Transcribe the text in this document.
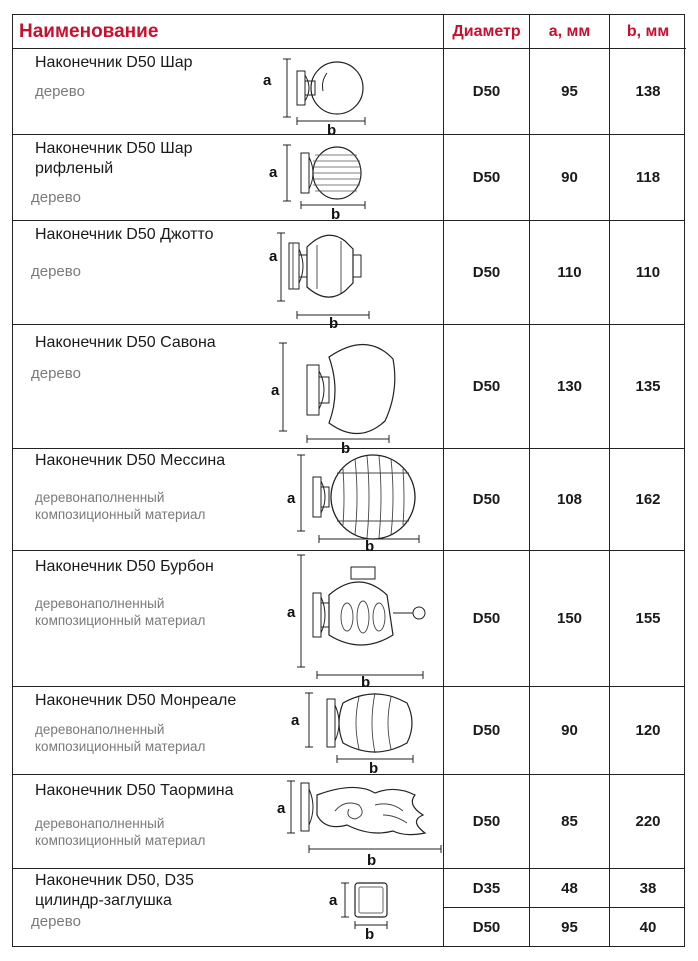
Наименование	Диаметр	а, мм	b, мм
Наконечник D50 Шар
дерево
а
b
D50	95	138
Наконечник D50 Шар рифленый
дерево
а
b
D50	90	118
Наконечник D50 Джотто
дерево
а
b
D50	110	110
Наконечник D50 Савона
дерево
а
b
D50	130	135
Наконечник D50 Мессина
деревонаполненный композиционный материал
а
b
D50	108	162
Наконечник D50 Бурбон
деревонаполненный композиционный материал	а
b
D50	150	155
Наконечник D50 Монреале
деревонаполненный композиционный материал
а
b
D50	90	120
Наконечник D50 Таормина
деревонаполненный композиционный материал
а
b
D50	85	220
Наконечник D50, D35 цилиндр-заглушка
дерево
а
b
D35	48	38
D50	95	40
